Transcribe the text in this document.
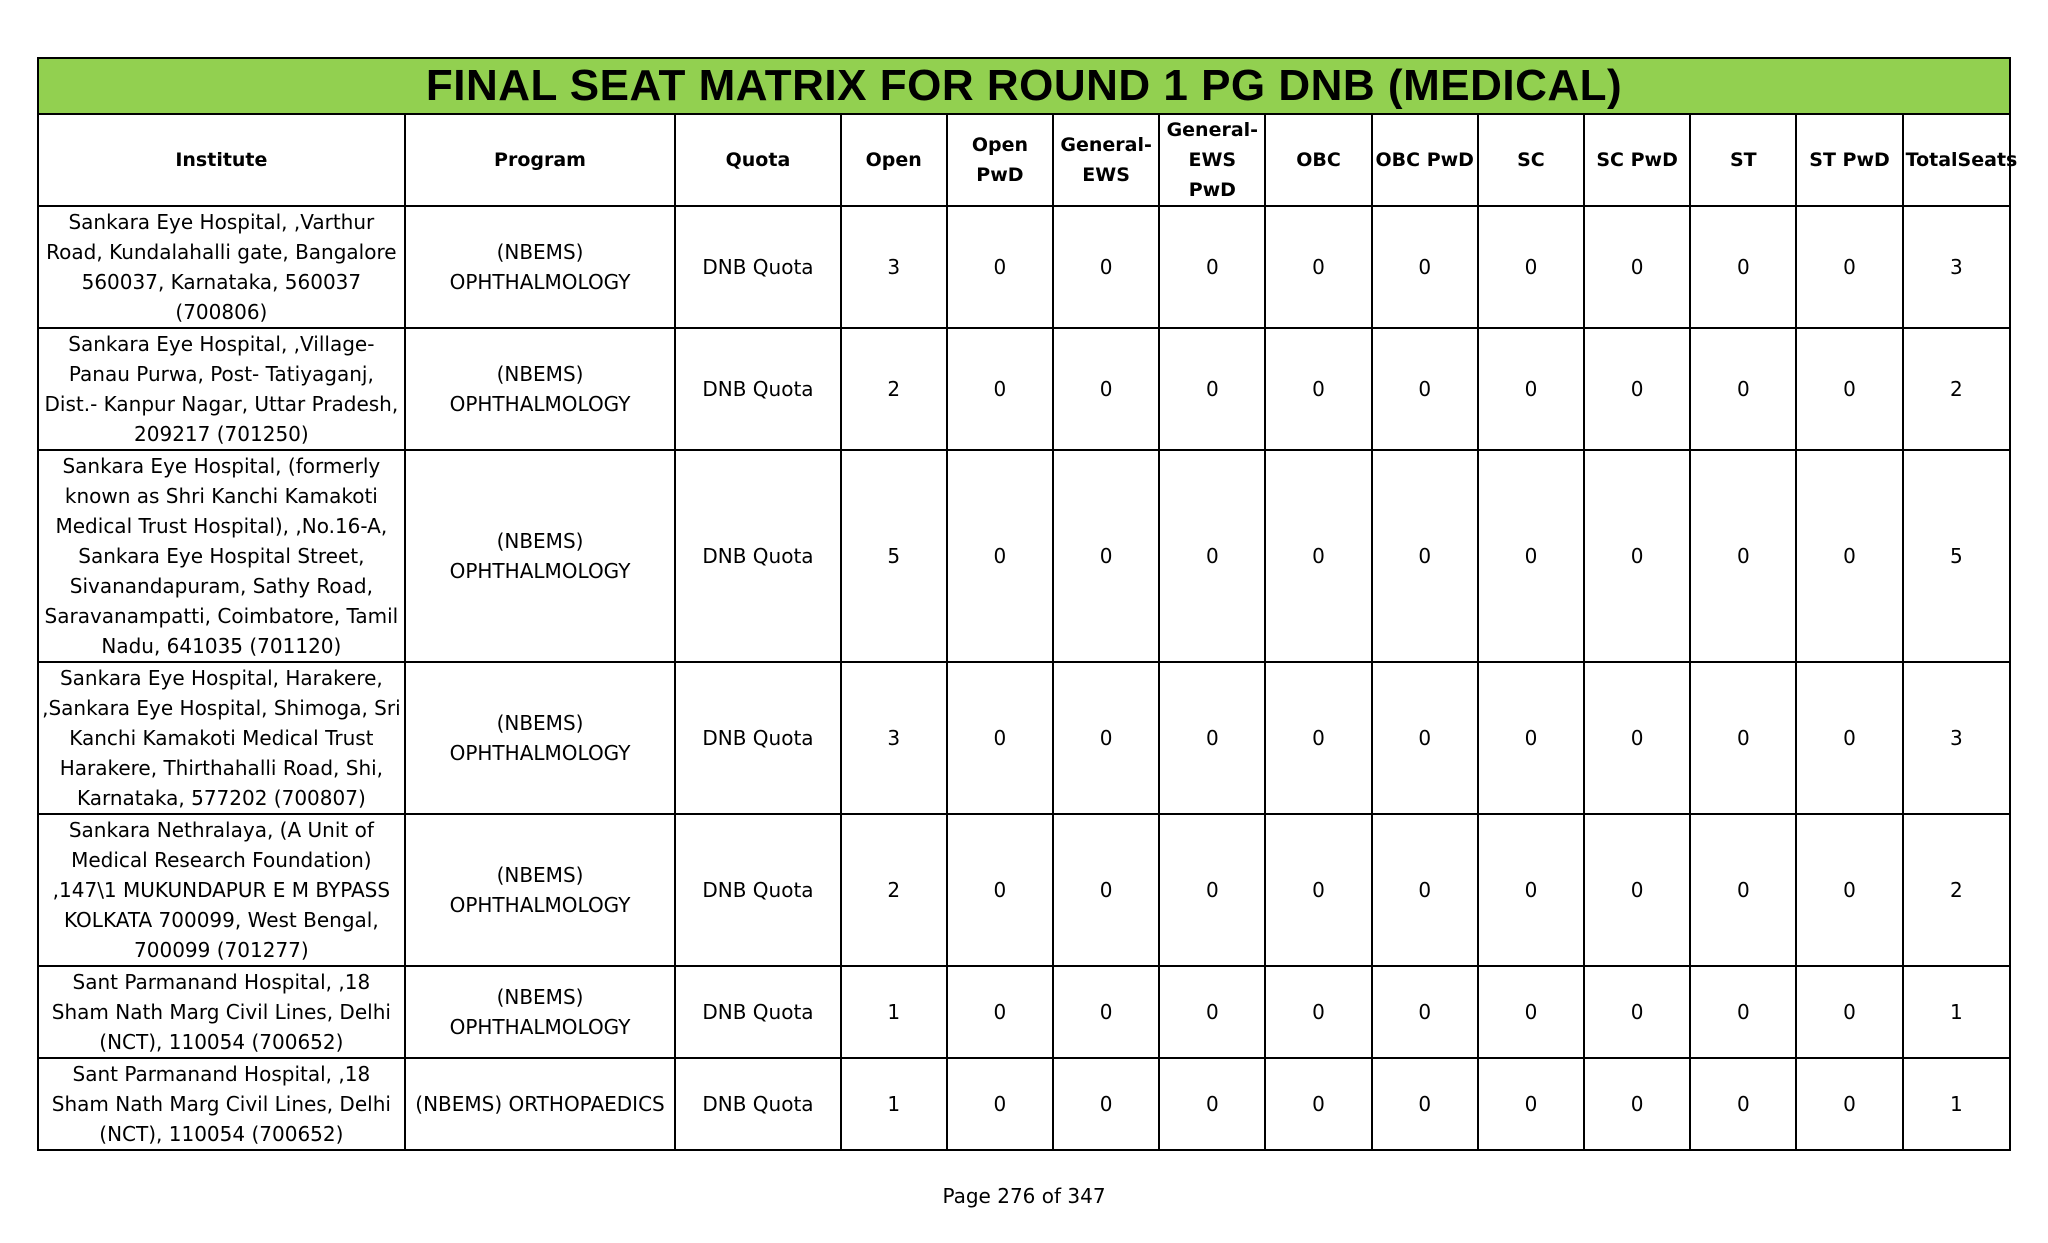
FINAL SEAT MATRIX FOR ROUND 1 PG DNB (MEDICAL)													
Institute	Program	Quota	Open	Open PwD	General-EWS	General-EWS PwD	OBC	OBC PwD	SC	SC PwD	ST	ST PwD	TotalSeats
Sankara Eye Hospital, ,Varthur Road, Kundalahalli gate, Bangalore 560037, Karnataka, 560037 (700806)	(NBEMS) OPHTHALMOLOGY	DNB Quota	3	0	0	0	0	0	0	0	0	0	3
Sankara Eye Hospital, ,Village- Panau Purwa, Post- Tatiyaganj, Dist.- Kanpur Nagar, Uttar Pradesh, 209217 (701250)	(NBEMS) OPHTHALMOLOGY	DNB Quota	2	0	0	0	0	0	0	0	0	0	2
Sankara Eye Hospital, (formerly known as Shri Kanchi Kamakoti Medical Trust Hospital), ,No.16-A, Sankara Eye Hospital Street, Sivanandapuram, Sathy Road, Saravanampatti, Coimbatore, Tamil Nadu, 641035 (701120)	(NBEMS) OPHTHALMOLOGY	DNB Quota	5	0	0	0	0	0	0	0	0	0	5
Sankara Eye Hospital, Harakere, ,Sankara Eye Hospital, Shimoga, Sri Kanchi Kamakoti Medical Trust Harakere, Thirthahalli Road, Shi, Karnataka, 577202 (700807)	(NBEMS) OPHTHALMOLOGY	DNB Quota	3	0	0	0	0	0	0	0	0	0	3
Sankara Nethralaya, (A Unit of Medical Research Foundation) ,147\1 MUKUNDAPUR E M BYPASS KOLKATA 700099, West Bengal, 700099 (701277)	(NBEMS) OPHTHALMOLOGY	DNB Quota	2	0	0	0	0	0	0	0	0	0	2
Sant Parmanand Hospital, ,18 Sham Nath Marg Civil Lines, Delhi (NCT), 110054 (700652)	(NBEMS) OPHTHALMOLOGY	DNB Quota	1	0	0	0	0	0	0	0	0	0	1
Sant Parmanand Hospital, ,18 Sham Nath Marg Civil Lines, Delhi (NCT), 110054 (700652)	(NBEMS) ORTHOPAEDICS	DNB Quota	1	0	0	0	0	0	0	0	0	0	1
Page 276 of 347
